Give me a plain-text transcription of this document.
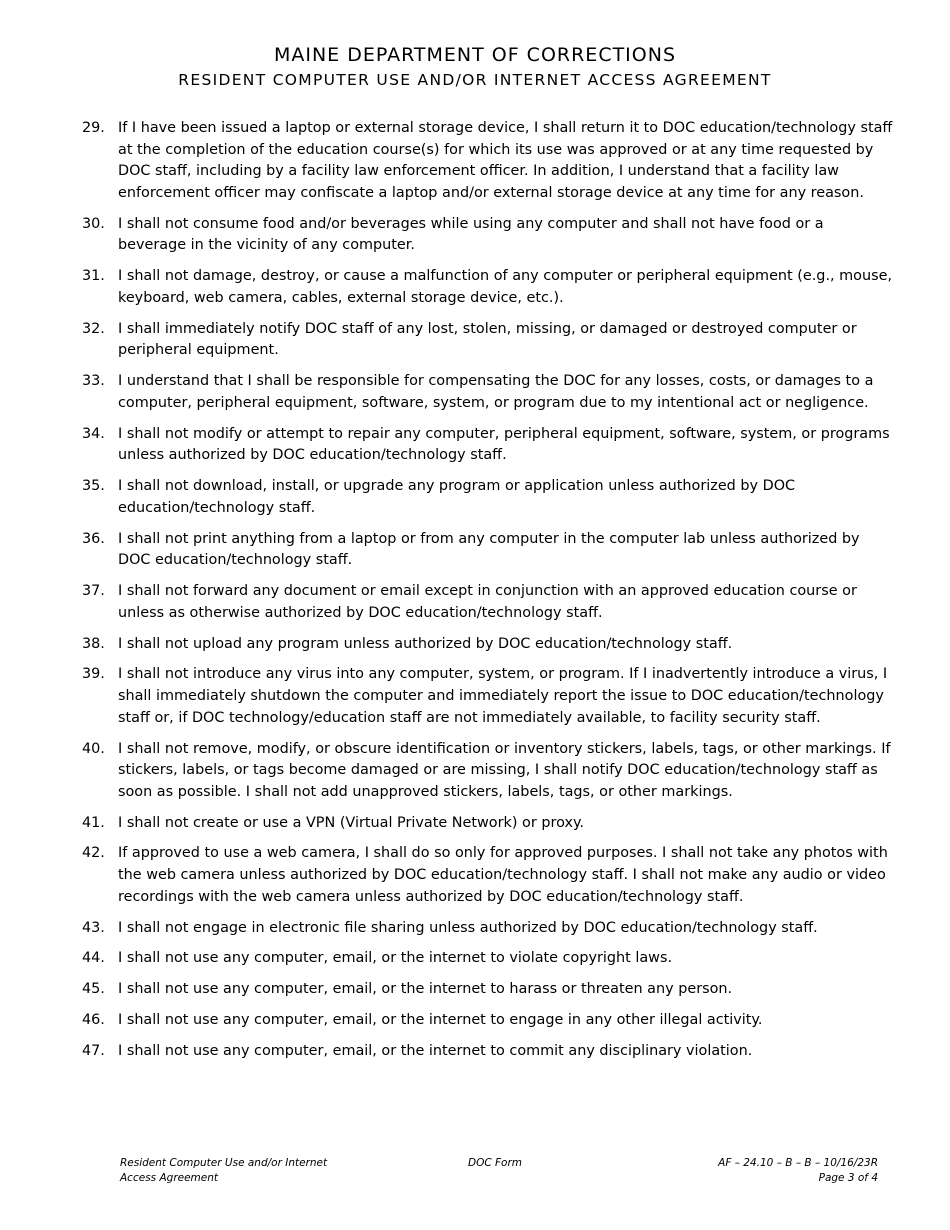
MAINE DEPARTMENT OF CORRECTIONS
RESIDENT COMPUTER USE AND/OR INTERNET ACCESS AGREEMENT
29. If I have been issued a laptop or external storage device, I shall return it to DOC education/technology staff at the completion of the education course(s) for which its use was approved or at any time requested by DOC staff, including by a facility law enforcement officer. In addition, I understand that a facility law enforcement officer may confiscate a laptop and/or external storage device at any time for any reason.
30. I shall not consume food and/or beverages while using any computer and shall not have food or a beverage in the vicinity of any computer.
31. I shall not damage, destroy, or cause a malfunction of any computer or peripheral equipment (e.g., mouse, keyboard, web camera, cables, external storage device, etc.).
32. I shall immediately notify DOC staff of any lost, stolen, missing, or damaged or destroyed computer or peripheral equipment.
33. I understand that I shall be responsible for compensating the DOC for any losses, costs, or damages to a computer, peripheral equipment, software, system, or program due to my intentional act or negligence.
34. I shall not modify or attempt to repair any computer, peripheral equipment, software, system, or programs unless authorized by DOC education/technology staff.
35. I shall not download, install, or upgrade any program or application unless authorized by DOC education/technology staff.
36. I shall not print anything from a laptop or from any computer in the computer lab unless authorized by DOC education/technology staff.
37. I shall not forward any document or email except in conjunction with an approved education course or unless as otherwise authorized by DOC education/technology staff.
38. I shall not upload any program unless authorized by DOC education/technology staff.
39. I shall not introduce any virus into any computer, system, or program. If I inadvertently introduce a virus, I shall immediately shutdown the computer and immediately report the issue to DOC education/technology staff or, if DOC technology/education staff are not immediately available, to facility security staff.
40. I shall not remove, modify, or obscure identification or inventory stickers, labels, tags, or other markings. If stickers, labels, or tags become damaged or are missing, I shall notify DOC education/technology staff as soon as possible. I shall not add unapproved stickers, labels, tags, or other markings.
41. I shall not create or use a VPN (Virtual Private Network) or proxy.
42. If approved to use a web camera, I shall do so only for approved purposes. I shall not take any photos with the web camera unless authorized by DOC education/technology staff. I shall not make any audio or video recordings with the web camera unless authorized by DOC education/technology staff.
43. I shall not engage in electronic file sharing unless authorized by DOC education/technology staff.
44. I shall not use any computer, email, or the internet to violate copyright laws.
45. I shall not use any computer, email, or the internet to harass or threaten any person.
46. I shall not use any computer, email, or the internet to engage in any other illegal activity.
47. I shall not use any computer, email, or the internet to commit any disciplinary violation.
Resident Computer Use and/or Internet
Access Agreement
DOC Form	AF – 24.10 – B – B – 10/16/23R
Page 3 of 4
